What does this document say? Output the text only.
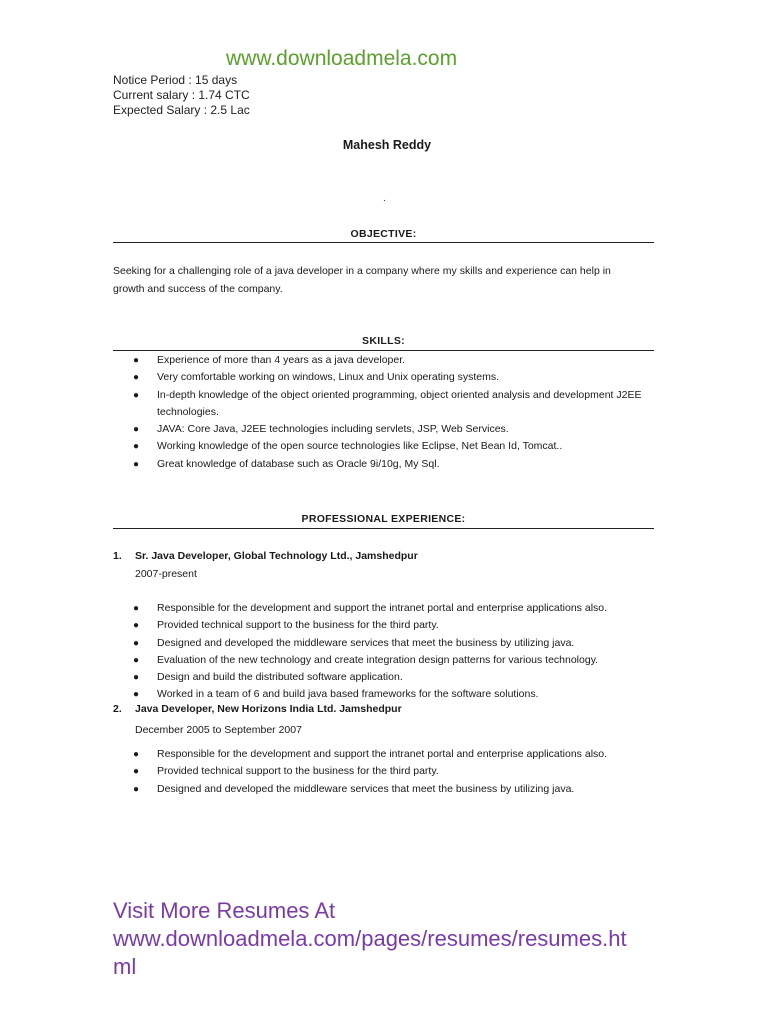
www.downloadmela.com
Notice Period : 15 days
Current salary : 1.74 CTC
Expected Salary : 2.5 Lac
Mahesh Reddy
.
OBJECTIVE:
Seeking for a challenging role of a java developer in a company where my skills and experience can help in
growth and success of the company.
SKILLS:
● Experience of more than 4 years as a java developer.
● Very comfortable working on windows, Linux and Unix operating systems.
● In-depth knowledge of the object oriented programming, object oriented analysis and development J2EE technologies.
● JAVA: Core Java, J2EE technologies including servlets, JSP, Web Services.
● Working knowledge of the open source technologies like Eclipse, Net Bean Id, Tomcat..
● Great knowledge of database such as Oracle 9i/10g, My Sql.
PROFESSIONAL EXPERIENCE:
1. Sr. Java Developer, Global Technology Ltd., Jamshedpur
2007-present
● Responsible for the development and support the intranet portal and enterprise applications also.
● Provided technical support to the business for the third party.
● Designed and developed the middleware services that meet the business by utilizing java.
● Evaluation of the new technology and create integration design patterns for various technology.
● Design and build the distributed software application.
● Worked in a team of 6 and build java based frameworks for the software solutions.
2. Java Developer, New Horizons India Ltd. Jamshedpur
December 2005 to September 2007
● Responsible for the development and support the intranet portal and enterprise applications also.
● Provided technical support to the business for the third party.
● Designed and developed the middleware services that meet the business by utilizing java.
Visit More Resumes At
www.downloadmela.com/pages/resumes/resumes.ht
ml
